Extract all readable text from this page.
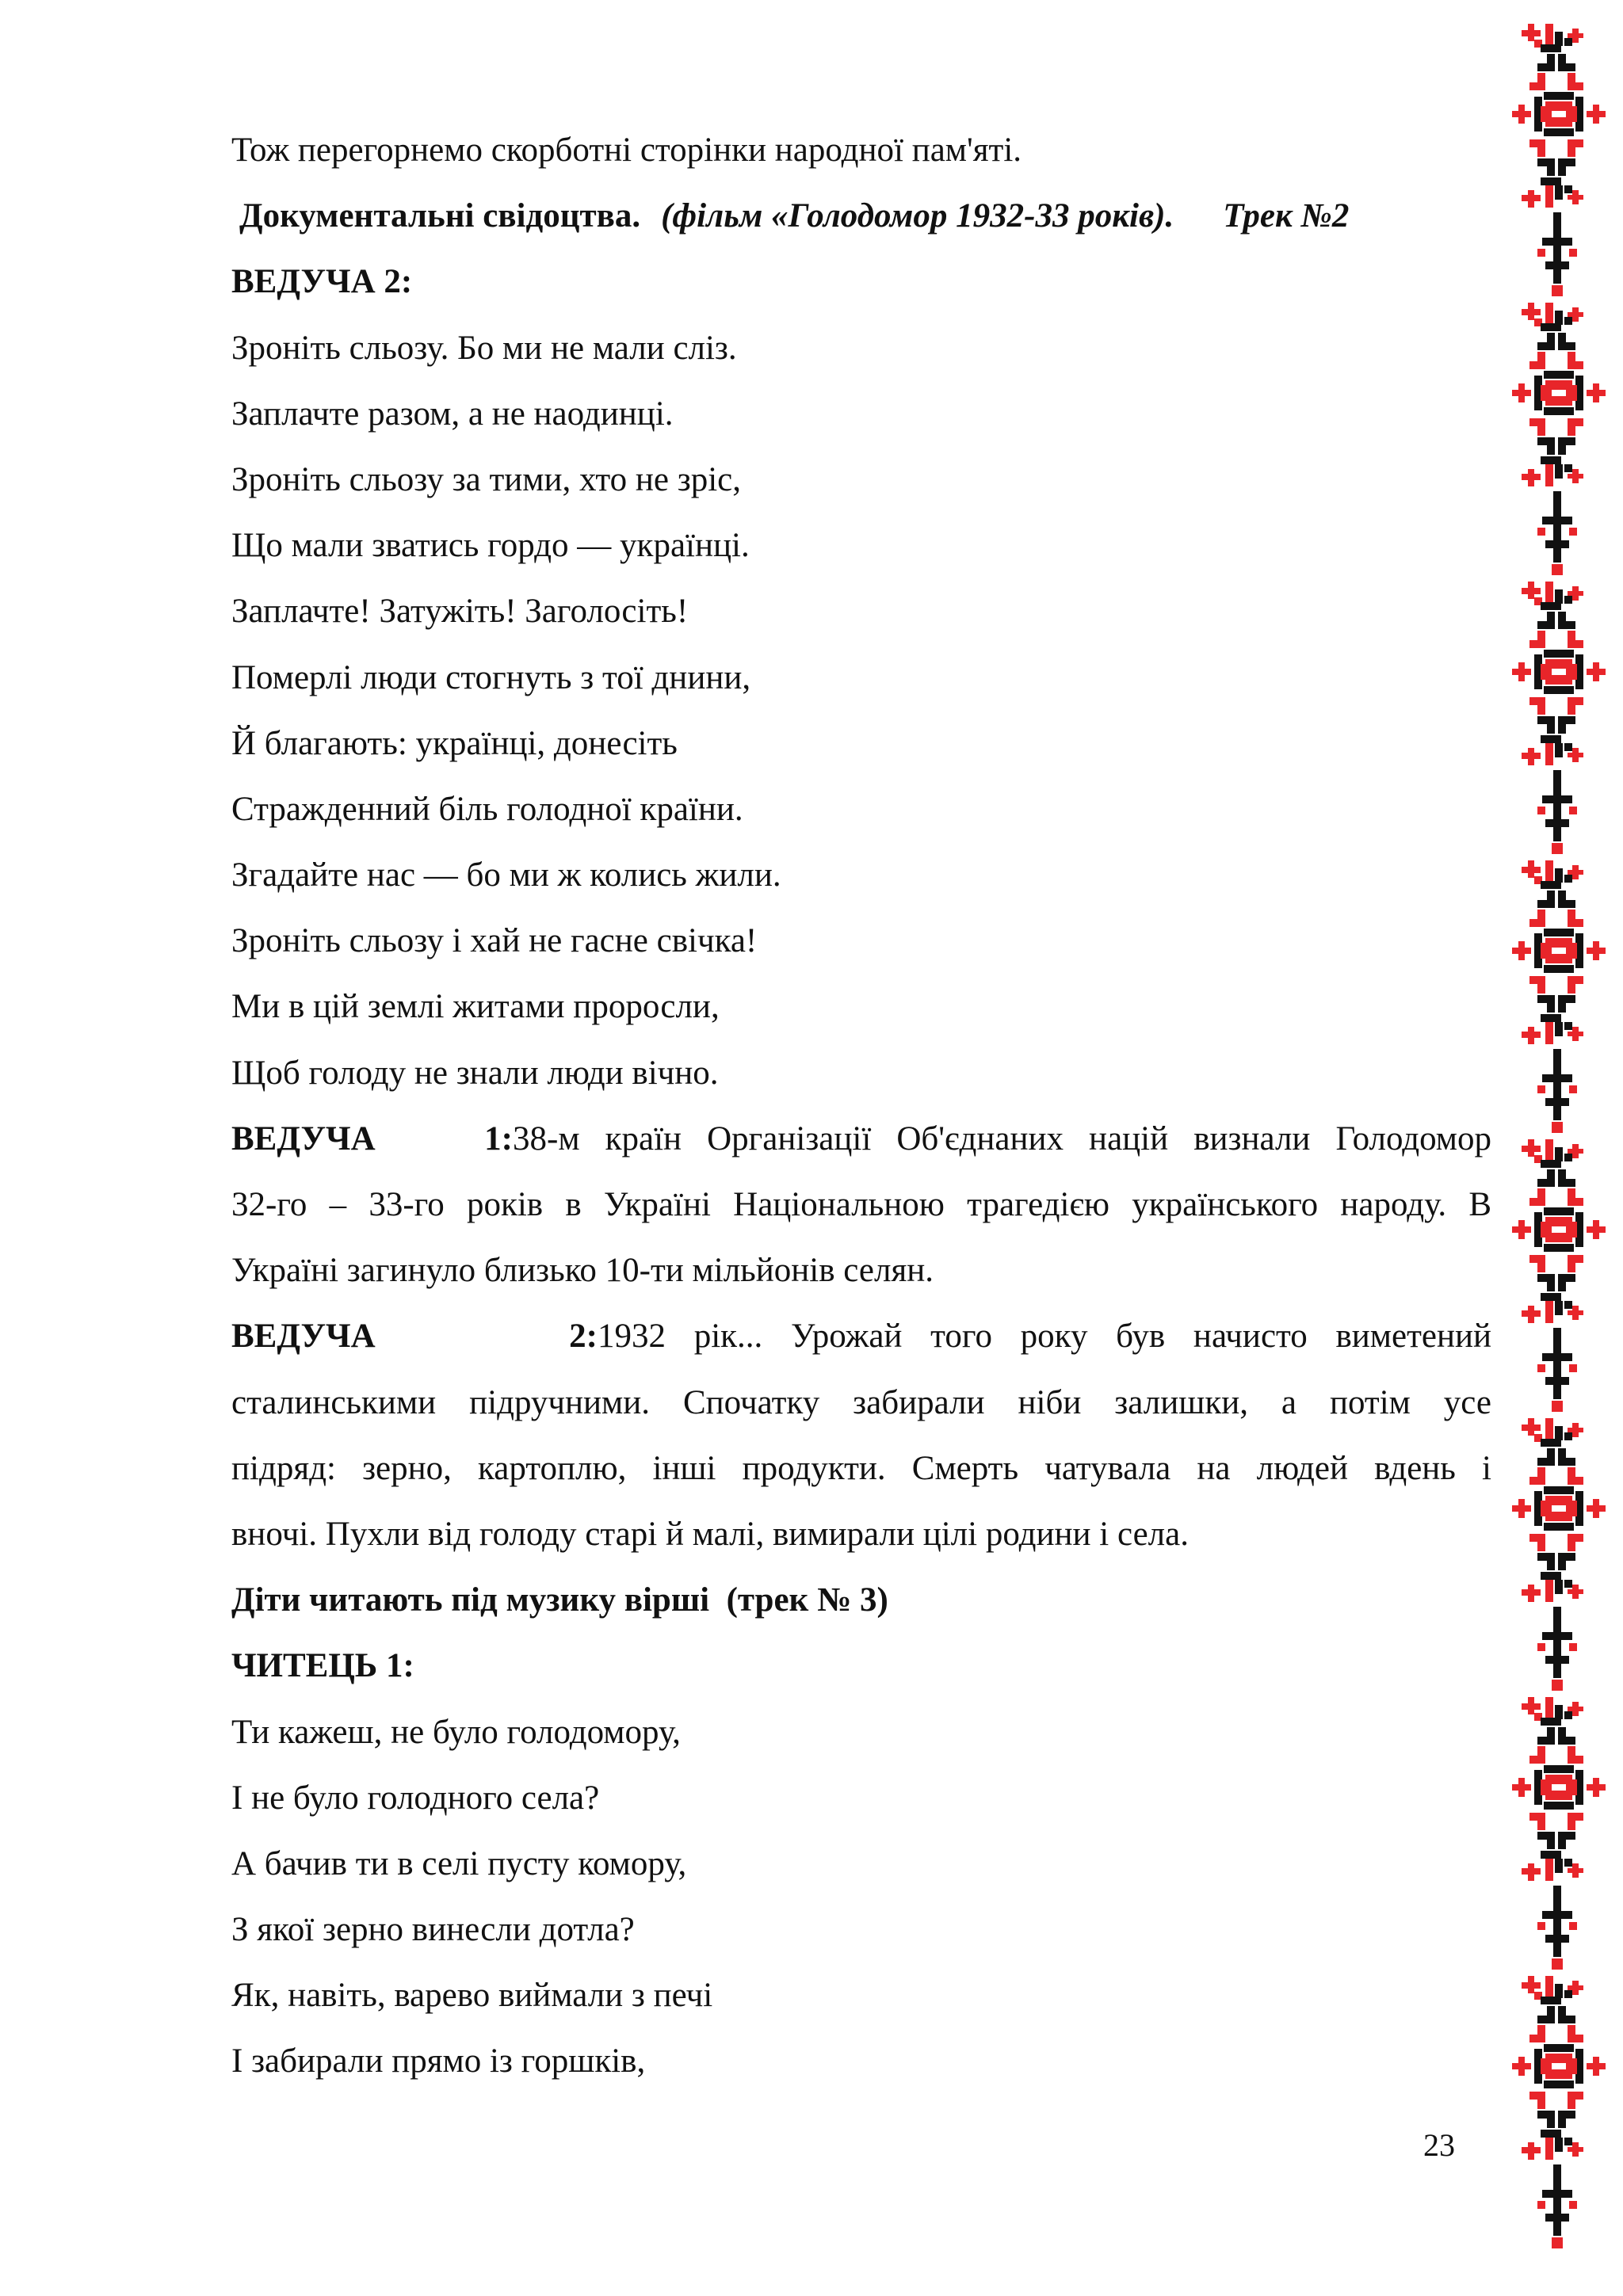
Тож перегорнемо скорботні сторінки народної пам'яті.
Документальні свідоцтва. (фільм «Голодомор 1932-33 років). Трек №2
ВЕДУЧА 2:
Зроніть сльозу. Бо ми не мали сліз.
Заплачте разом, а не наодинці.
Зроніть сльозу за тими, хто не зріс,
Що мали зватись гордо — українці.
Заплачте! Затужіть! Заголосіть!
Померлі люди стогнуть з тої днини,
Й благають: українці, донесіть
Стражденний біль голодної країни.
Згадайте нас — бо ми ж колись жили.
Зроніть сльозу і хай не гасне свічка!
Ми в цій землі житами проросли,
Щоб голоду не знали люди вічно.
ВЕДУЧА 1:38-м країн Організації Об'єднаних націй визнали Голодомор
32-го – 33-го років в Україні Національною трагедією українського народу. В
Україні загинуло близько 10-ти мільйонів селян.
ВЕДУЧА 2:1932 рік... Урожай того року був начисто виметений
сталинськими підручними. Спочатку забирали ніби залишки, а потім усе
підряд: зерно, картоплю, інші продукти. Смерть чатувала на людей вдень і
вночі. Пухли від голоду старі й малі, вимирали цілі родини і села.
Діти читають під музику вірші  (трек № 3)
ЧИТЕЦЬ 1:
Ти кажеш, не було голодомору,
І не було голодного села?
А бачив ти в селі пусту комору,
З якої зерно винесли дотла?
Як, навіть, варево виймали з печі
І забирали прямо із горшків,
23
